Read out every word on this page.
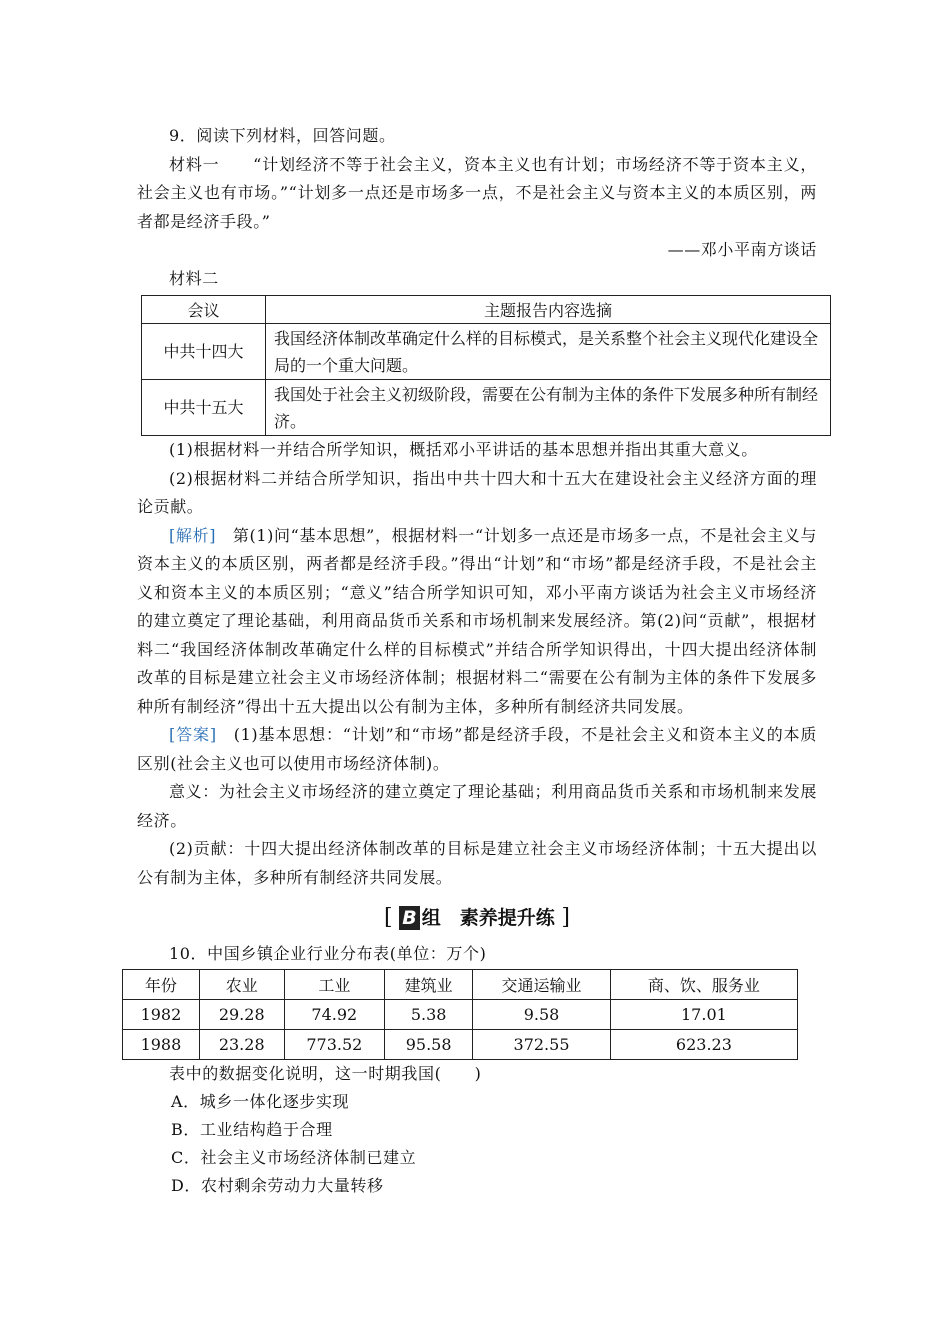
9．阅读下列材料，回答问题。

材料一　　 “计划经济不等于社会主义，资本主义也有计划；市场经济不等于资本主义，社会主义也有市场。”“计划多一点还是市场多一点，不是社会主义与资本主义的本质区别，两者都是经济手段。”

——邓小平南方谈话

材料二

会议	主题报告内容选摘
中共十四大	我国经济体制改革确定什么样的目标模式，是关系整个社会主义现代化建设全局的一个重大问题。
中共十五大	我国处于社会主义初级阶段，需要在公有制为主体的条件下发展多种所有制经济。

(1)根据材料一并结合所学知识，概括邓小平讲话的基本思想并指出其重大意义。

(2)根据材料二并结合所学知识，指出中共十四大和十五大在建设社会主义经济方面的理论贡献。

[解析]　 第(1)问“基本思想”，根据材料一“计划多一点还是市场多一点，不是社会主义与资本主义的本质区别，两者都是经济手段。”得出“计划”和“市场”都是经济手段，不是社会主义和资本主义的本质区别；“意义”结合所学知识可知，邓小平南方谈话为社会主义市场经济的建立奠定了理论基础，利用商品货币关系和市场机制来发展经济。第(2)问“贡献”，根据材料二“我国经济体制改革确定什么样的目标模式”并结合所学知识得出，十四大提出经济体制改革的目标是建立社会主义市场经济体制；根据材料二“需要在公有制为主体的条件下发展多种所有制经济”得出十五大提出以公有制为主体，多种所有制经济共同发展。

[答案]　 (1)基本思想：“计划”和“市场”都是经济手段，不是社会主义和资本主义的本质区别(社会主义也可以使用市场经济体制)。

意义：为社会主义市场经济的建立奠定了理论基础；利用商品货币关系和市场机制来发展经济。

(2)贡献：十四大提出经济体制改革的目标是建立社会主义市场经济体制；十五大提出以公有制为主体，多种所有制经济共同发展。

[ B 组　素养提升练 ]

10．中国乡镇企业行业分布表(单位：万个)

年份	农业	工业	建筑业	交通运输业	商、饮、服务业
1982	29.28	74.92	5.38	9.58	17.01
1988	23.28	773.52	95.58	372.55	623.23

表中的数据变化说明，这一时期我国(　　)

A．城乡一体化逐步实现

B．工业结构趋于合理

C．社会主义市场经济体制已建立

D．农村剩余劳动力大量转移
